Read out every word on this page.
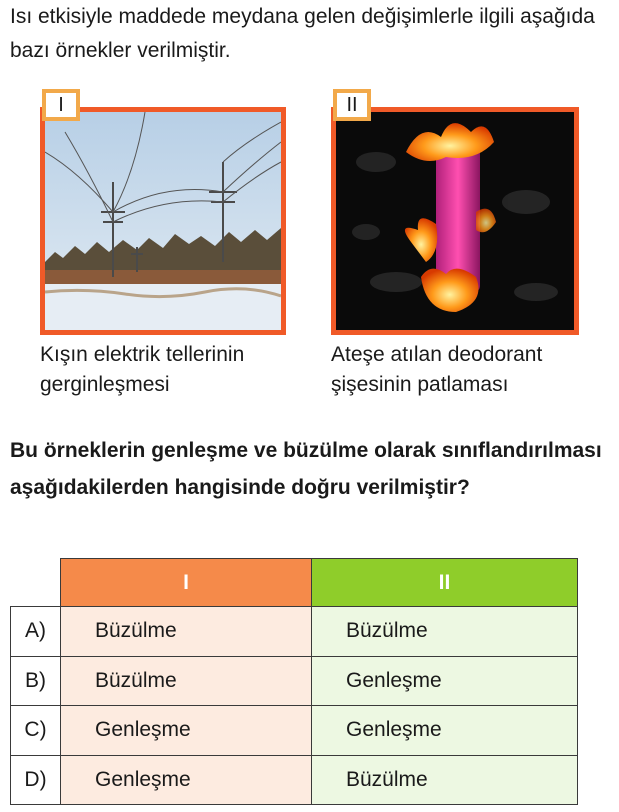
Isı etkisiyle maddede meydana gelen değişimlerle ilgili aşağıda bazı örnekler verilmiştir.
I	II
Kışın elektrik tellerinin
gerginleşmesi
Ateşe atılan deodorant
şişesinin patlaması
Bu örneklerin genleşme ve büzülme olarak sınıflandırılması aşağıdakilerden hangisinde doğru verilmiştir?
	I	II
A)	Büzülme	Büzülme
B)	Büzülme	Genleşme
C)	Genleşme	Genleşme
D)	Genleşme	Büzülme
